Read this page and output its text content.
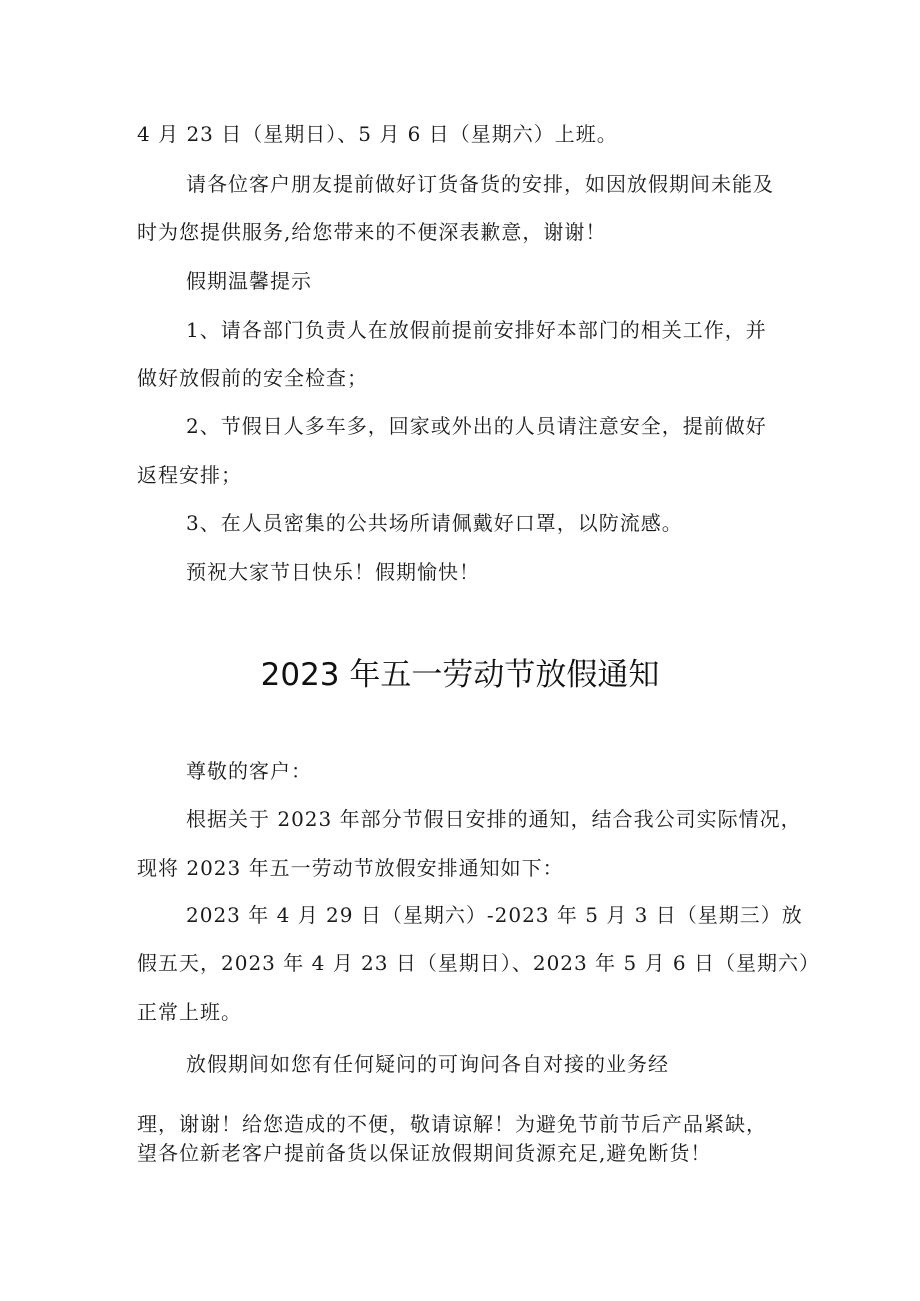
4 月 23 日（星期日）、5 月 6 日（星期六）上班。
请各位客户朋友提前做好订货备货的安排，如因放假期间未能及
时为您提供服务,给您带来的不便深表歉意，谢谢！
假期温馨提示
1、请各部门负责人在放假前提前安排好本部门的相关工作，并
做好放假前的安全检查；
2、节假日人多车多，回家或外出的人员请注意安全，提前做好
返程安排；
3、在人员密集的公共场所请佩戴好口罩，以防流感。
预祝大家节日快乐！假期愉快！
2023 年五一劳动节放假通知
尊敬的客户：
根据关于 2023 年部分节假日安排的通知，结合我公司实际情况，
现将 2023 年五一劳动节放假安排通知如下：
2023 年 4 月 29 日（星期六）-2023 年 5 月 3 日（星期三）放
假五天，2023 年 4 月 23 日（星期日）、2023 年 5 月 6 日（星期六）
正常上班。
放假期间如您有任何疑问的可询问各自对接的业务经
理，谢谢！给您造成的不便，敬请谅解！为避免节前节后产品紧缺，
望各位新老客户提前备货以保证放假期间货源充足,避免断货！
